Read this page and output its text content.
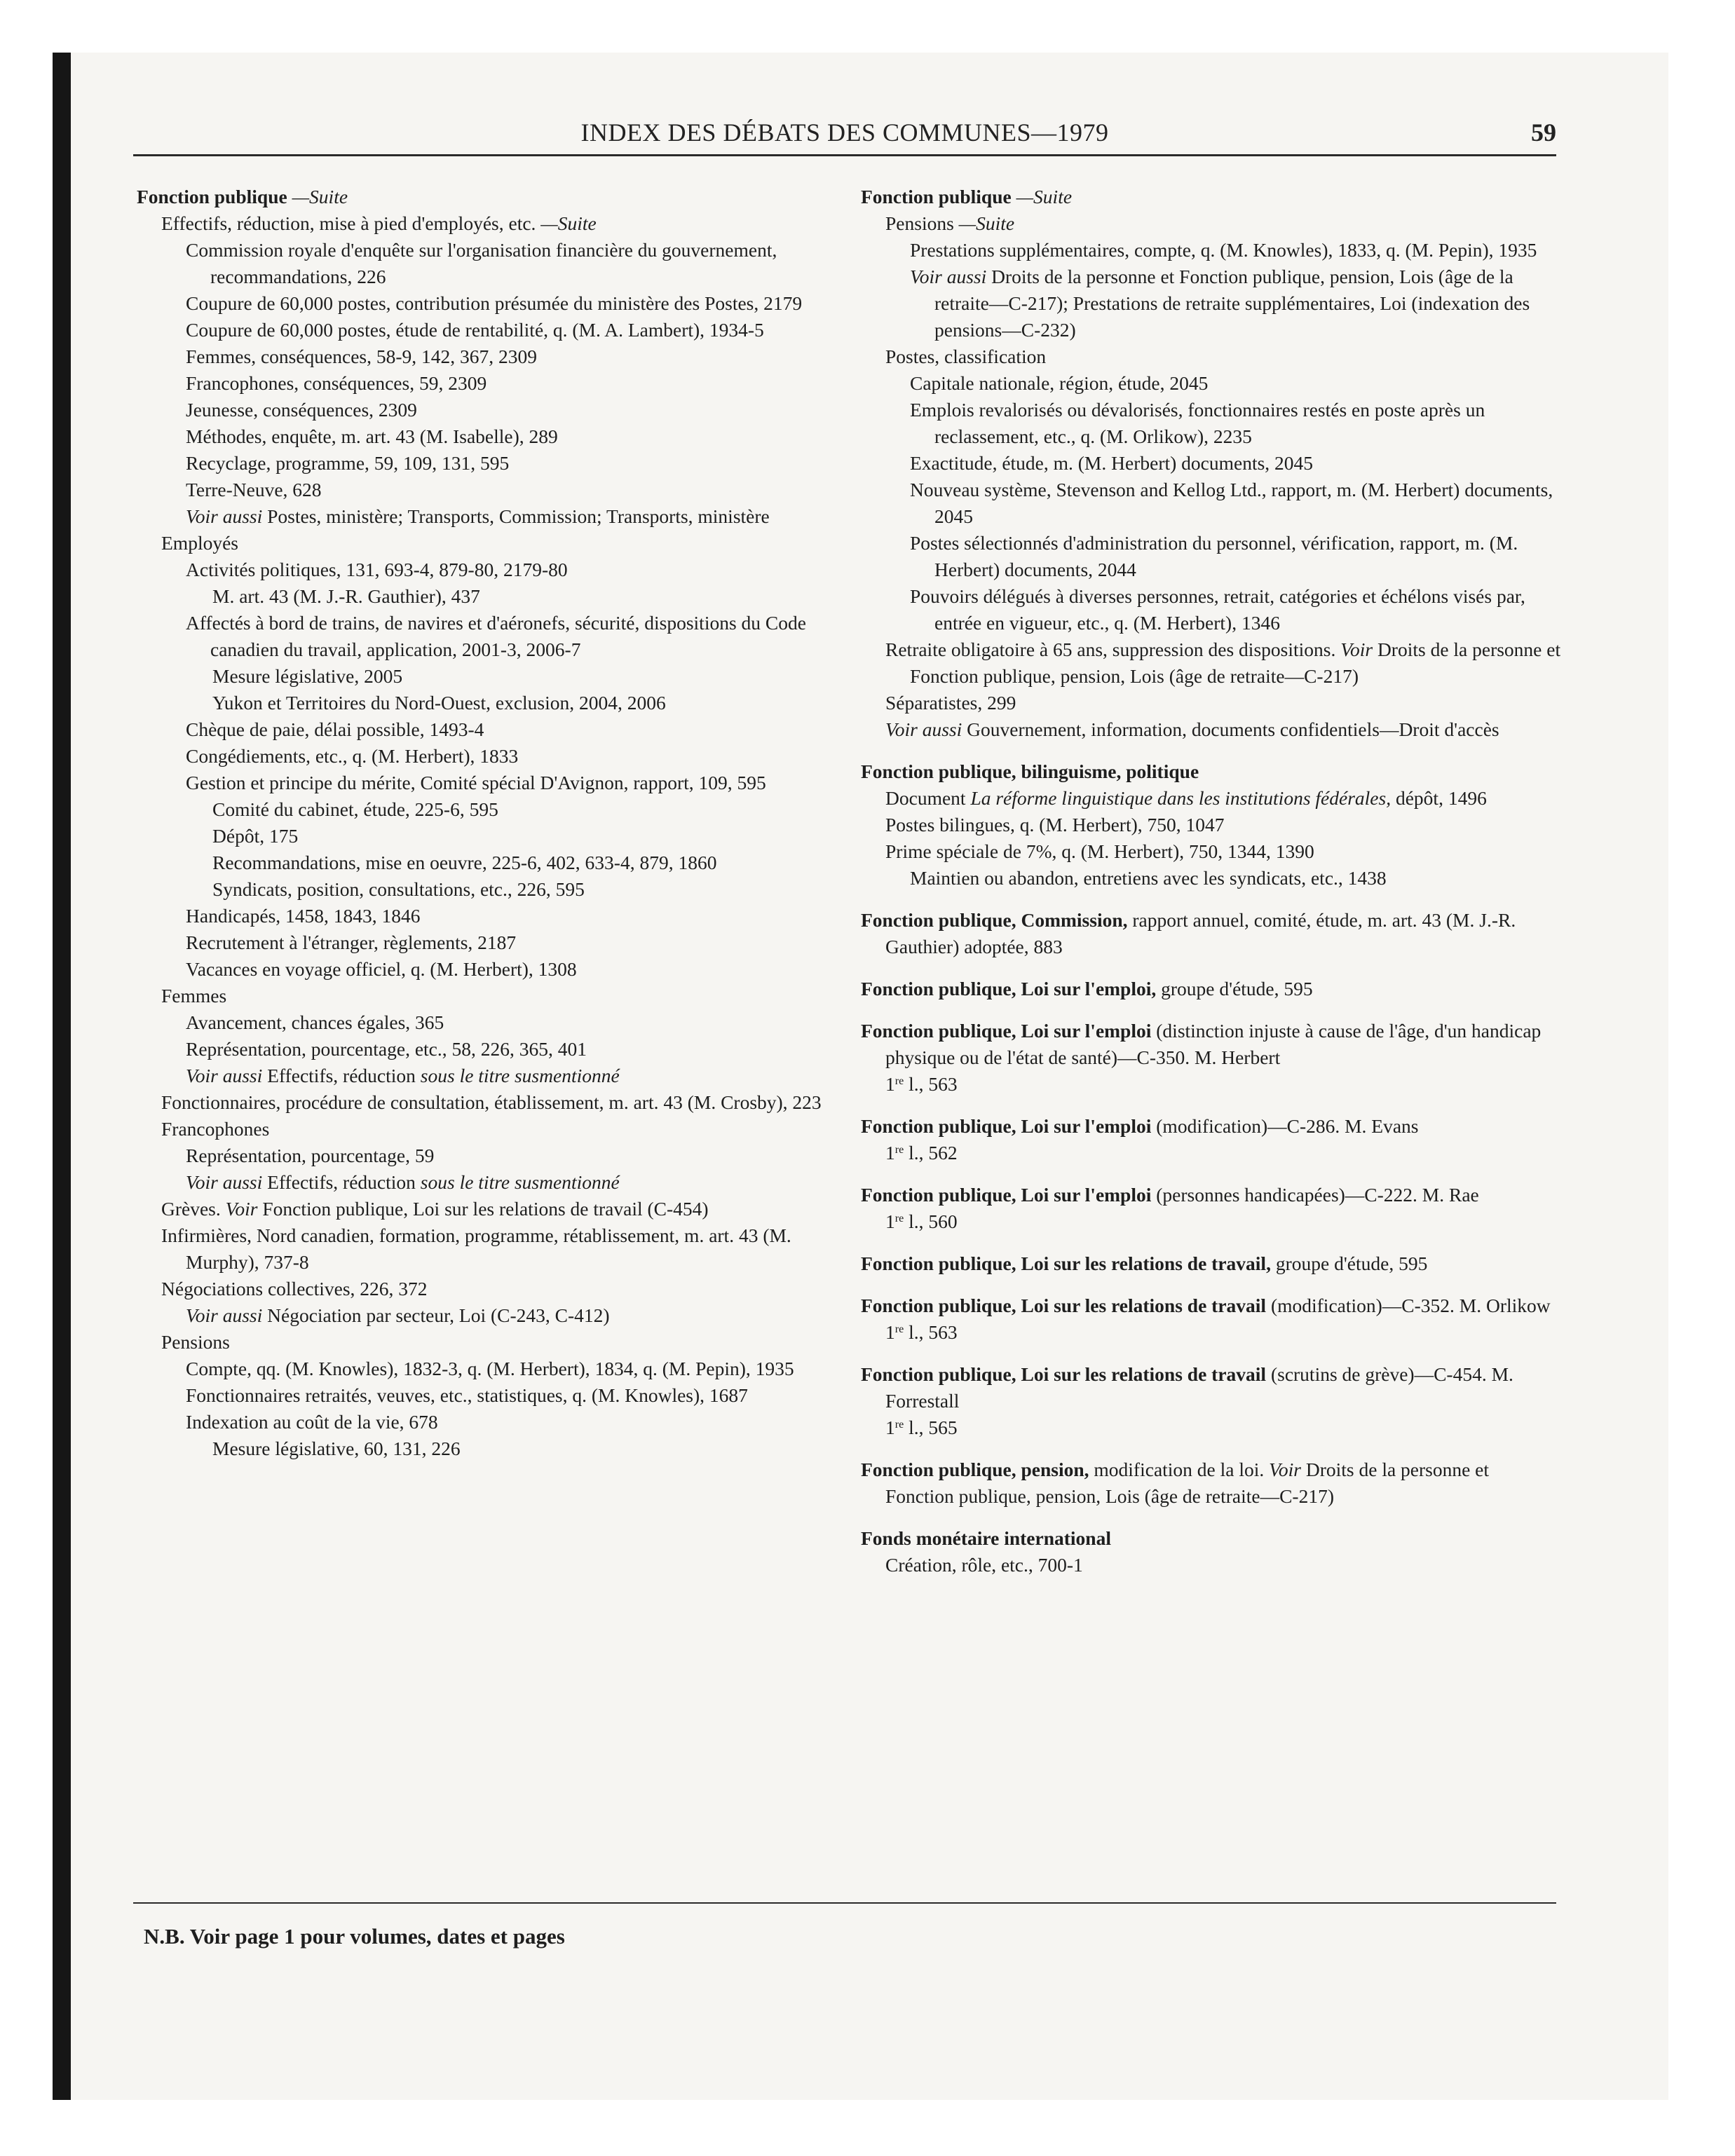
INDEX DES DÉBATS DES COMMUNES—1979	59

Fonction publique —Suite

Effectifs, réduction, mise à pied d'employés, etc. —Suite

Commission royale d'enquête sur l'organisation financière du gouvernement, recommandations, 226

Coupure de 60,000 postes, contribution présumée du ministère des Postes, 2179

Coupure de 60,000 postes, étude de rentabilité, q. (M. A. Lambert), 1934-5

Femmes, conséquences, 58-9, 142, 367, 2309

Francophones, conséquences, 59, 2309

Jeunesse, conséquences, 2309

Méthodes, enquête, m. art. 43 (M. Isabelle), 289

Recyclage, programme, 59, 109, 131, 595

Terre-Neuve, 628

Voir aussi Postes, ministère; Transports, Commission; Transports, ministère

Employés

Activités politiques, 131, 693-4, 879-80, 2179-80

M. art. 43 (M. J.-R. Gauthier), 437

Affectés à bord de trains, de navires et d'aéronefs, sécurité, dispositions du Code canadien du travail, application, 2001-3, 2006-7

Mesure législative, 2005

Yukon et Territoires du Nord-Ouest, exclusion, 2004, 2006

Chèque de paie, délai possible, 1493-4

Congédiements, etc., q. (M. Herbert), 1833

Gestion et principe du mérite, Comité spécial D'Avignon, rapport, 109, 595

Comité du cabinet, étude, 225-6, 595

Dépôt, 175

Recommandations, mise en oeuvre, 225-6, 402, 633-4, 879, 1860

Syndicats, position, consultations, etc., 226, 595

Handicapés, 1458, 1843, 1846

Recrutement à l'étranger, règlements, 2187

Vacances en voyage officiel, q. (M. Herbert), 1308

Femmes

Avancement, chances égales, 365

Représentation, pourcentage, etc., 58, 226, 365, 401

Voir aussi Effectifs, réduction sous le titre susmentionné

Fonctionnaires, procédure de consultation, établissement, m. art. 43 (M. Crosby), 223

Francophones

Représentation, pourcentage, 59

Voir aussi Effectifs, réduction sous le titre susmentionné

Grèves. Voir Fonction publique, Loi sur les relations de travail (C-454)

Infirmières, Nord canadien, formation, programme, rétablissement, m. art. 43 (M. Murphy), 737-8

Négociations collectives, 226, 372

Voir aussi Négociation par secteur, Loi (C-243, C-412)

Pensions

Compte, qq. (M. Knowles), 1832-3, q. (M. Herbert), 1834, q. (M. Pepin), 1935

Fonctionnaires retraités, veuves, etc., statistiques, q. (M. Knowles), 1687

Indexation au coût de la vie, 678

Mesure législative, 60, 131, 226

Fonction publique —Suite

Pensions —Suite

Prestations supplémentaires, compte, q. (M. Knowles), 1833, q. (M. Pepin), 1935

Voir aussi Droits de la personne et Fonction publique, pension, Lois (âge de la retraite—C-217); Prestations de retraite supplémentaires, Loi (indexation des pensions—C-232)

Postes, classification

Capitale nationale, région, étude, 2045

Emplois revalorisés ou dévalorisés, fonctionnaires restés en poste après un reclassement, etc., q. (M. Orlikow), 2235

Exactitude, étude, m. (M. Herbert) documents, 2045

Nouveau système, Stevenson and Kellog Ltd., rapport, m. (M. Herbert) documents, 2045

Postes sélectionnés d'administration du personnel, vérification, rapport, m. (M. Herbert) documents, 2044

Pouvoirs délégués à diverses personnes, retrait, catégories et échélons visés par, entrée en vigueur, etc., q. (M. Herbert), 1346

Retraite obligatoire à 65 ans, suppression des dispositions. Voir Droits de la personne et Fonction publique, pension, Lois (âge de retraite—C-217)

Séparatistes, 299

Voir aussi Gouvernement, information, documents confidentiels—Droit d'accès

Fonction publique, bilinguisme, politique

Document La réforme linguistique dans les institutions fédérales, dépôt, 1496

Postes bilingues, q. (M. Herbert), 750, 1047

Prime spéciale de 7%, q. (M. Herbert), 750, 1344, 1390

Maintien ou abandon, entretiens avec les syndicats, etc., 1438

Fonction publique, Commission, rapport annuel, comité, étude, m. art. 43 (M. J.-R. Gauthier) adoptée, 883

Fonction publique, Loi sur l'emploi, groupe d'étude, 595

Fonction publique, Loi sur l'emploi (distinction injuste à cause de l'âge, d'un handicap physique ou de l'état de santé)—C-350. M. Herbert

1re l., 563

Fonction publique, Loi sur l'emploi (modification)—C-286. M. Evans

1re l., 562

Fonction publique, Loi sur l'emploi (personnes handicapées)—C-222. M. Rae

1re l., 560

Fonction publique, Loi sur les relations de travail, groupe d'étude, 595

Fonction publique, Loi sur les relations de travail (modification)—C-352. M. Orlikow

1re l., 563

Fonction publique, Loi sur les relations de travail (scrutins de grève)—C-454. M. Forrestall

1re l., 565

Fonction publique, pension, modification de la loi. Voir Droits de la personne et Fonction publique, pension, Lois (âge de retraite—C-217)

Fonds monétaire international

Création, rôle, etc., 700-1

N.B. Voir page 1 pour volumes, dates et pages
